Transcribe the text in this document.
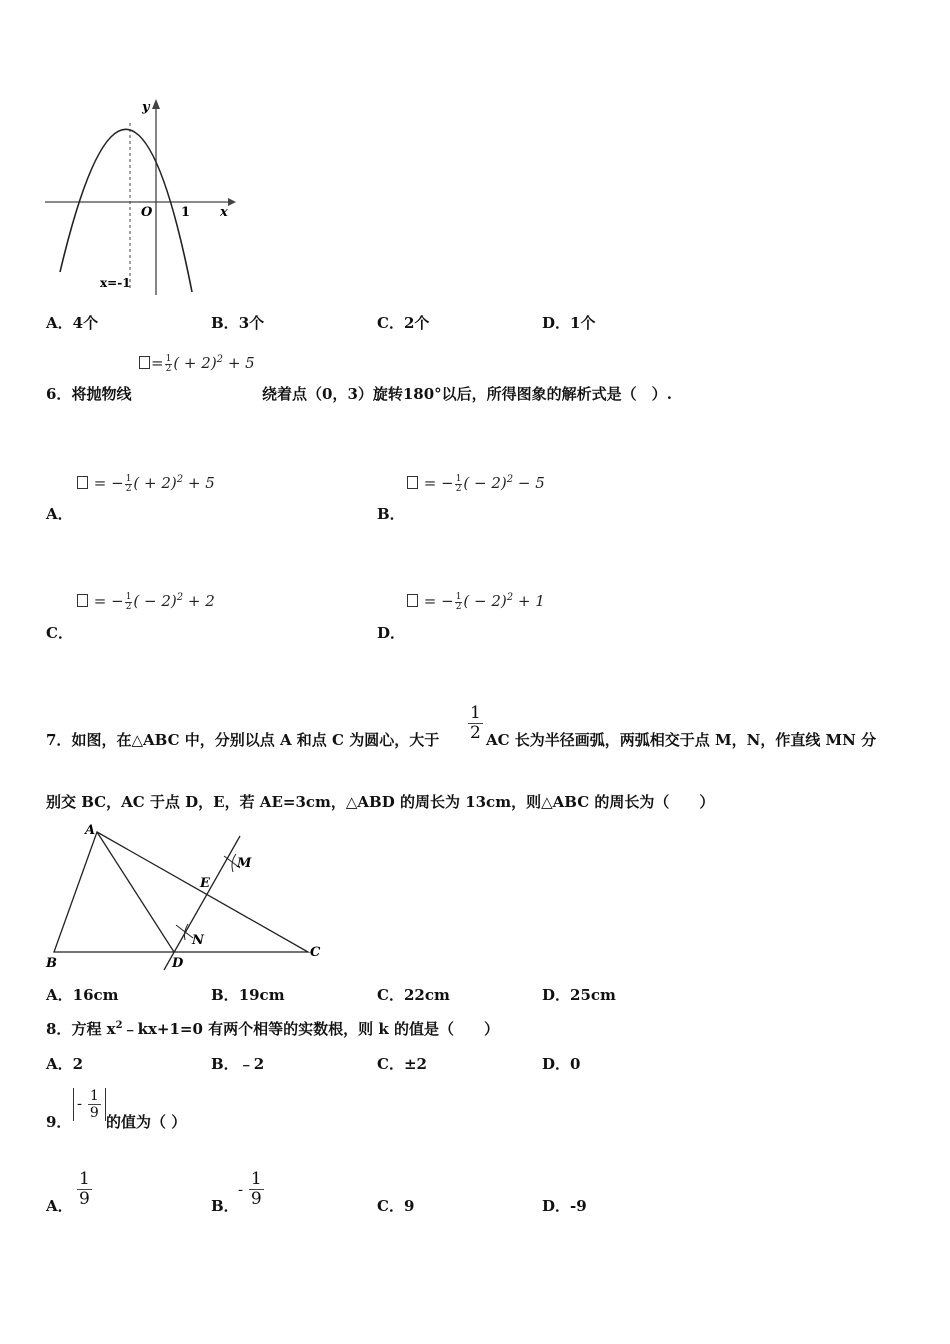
y
x
O 1
x=-1
A．4个	B．3个	C．2个	D．1个
= $\frac{1}{2}$ ( + 2)$^2$ + 5
6．将抛物线	绕着点（0，3）旋转180°以后，所得图象的解析式是（　）.
= − $\frac{1}{2}$ ( + 2)$^2$ + 5
A．
= − $\frac{1}{2}$ ( − 2)$^2$ − 5
B．
= − $\frac{1}{2}$ ( − 2)$^2$ + 2
C．
= − $\frac{1}{2}$ ( − 2)$^2$ + 1
D．
7．如图，在△ABC 中，分别以点 A 和点 C 为圆心，大于 $\frac{1}{2}$ AC 长为半径画弧，两弧相交于点 M，N，作直线 MN 分
别交 BC，AC 于点 D，E，若 AE=3cm，△ABD 的周长为 13cm，则△ABC 的周长为（　　）
A
B
C
D
E
M
N
A．16cm	B．19cm	C．22cm	D．25cm
8．方程 $x^2﹣kx+1=0$ 有两个相等的实数根，则 k 的值是（　　）
A．2	B．﹣2	C．±2	D．0
9．
- $\frac{1}{9}$
的值为（ ）
A． $\frac{1}{9}$	B．
- $\frac{1}{9}$	C．9	D．-9
